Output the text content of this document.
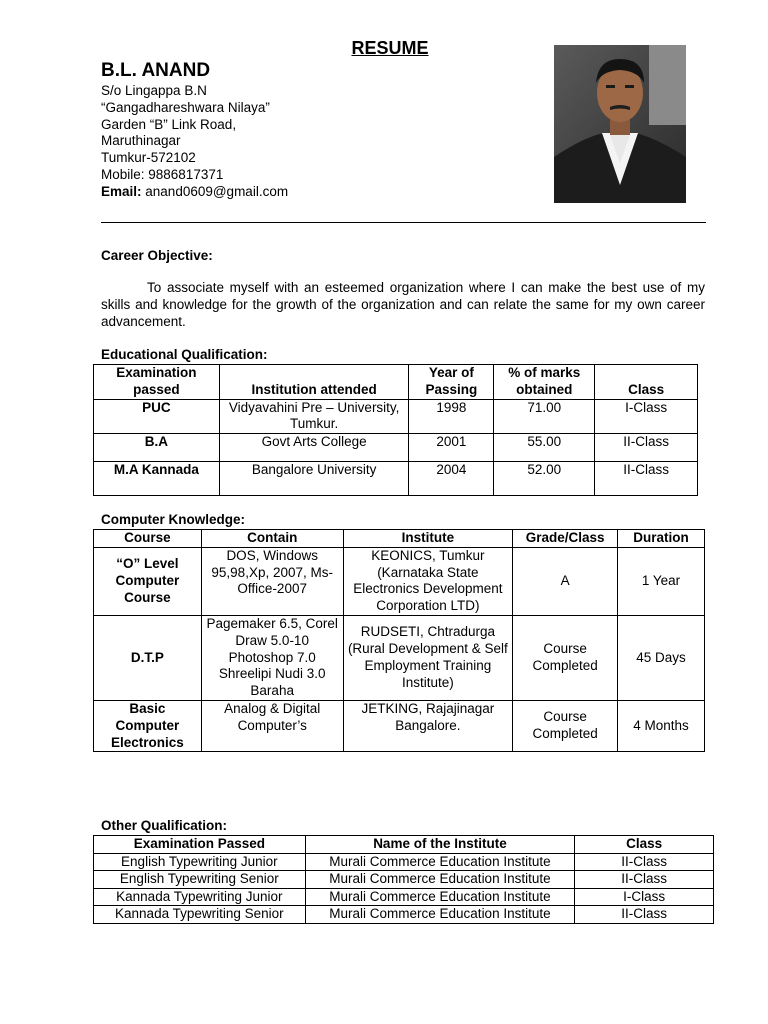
RESUME
B.L. ANAND
S/o Lingappa B.N
“Gangadhareshwara Nilaya”
Garden “B” Link Road,
Maruthinagar
Tumkur-572102
Mobile: 9886817371
Email: anand0609@gmail.com
Career Objective:
To associate myself with an esteemed organization where I can make the best use of my skills and knowledge for the growth of the organization and can relate the same for my own career advancement.
Educational Qualification:
Examination passed	Institution attended	Year of Passing	% of marks obtained	Class
PUC	Vidyavahini Pre – University, Tumkur.	1998	71.00	I-Class
B.A	Govt Arts College	2001	55.00	II-Class
M.A Kannada	Bangalore University	2004	52.00	II-Class
Computer Knowledge:
Course	Contain	Institute	Grade/Class	Duration
“O” Level Computer Course	DOS, Windows 95,98,Xp, 2007, Ms-Office-2007	KEONICS, Tumkur (Karnataka State Electronics Development Corporation LTD)	A	1 Year
D.T.P	Pagemaker 6.5, Corel Draw 5.0-10 Photoshop 7.0 Shreelipi Nudi 3.0 Baraha	RUDSETI, Chtradurga (Rural Development & Self Employment Training Institute)	Course Completed	45 Days
Basic Computer Electronics	Analog & Digital Computer’s	JETKING, Rajajinagar Bangalore.	Course Completed	4 Months
Other Qualification:
Examination Passed	Name of the Institute	Class
English Typewriting Junior	Murali Commerce Education Institute	II-Class
English Typewriting Senior	Murali Commerce Education Institute	II-Class
Kannada Typewriting Junior	Murali Commerce Education Institute	I-Class
Kannada Typewriting Senior	Murali Commerce Education Institute	II-Class
